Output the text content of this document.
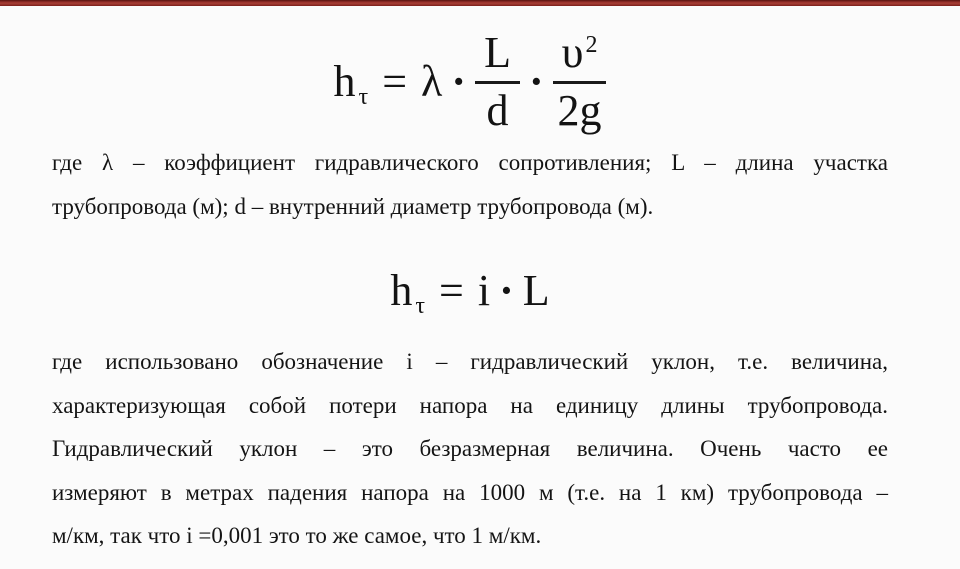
$h\tau = \lambda \cdot \frac{L}{d} \cdot \frac{\upsilon^2}{2g}$
где λ – коэффициент гидравлического сопротивления; L – длина участка
трубопровода (м); d – внутренний диаметр трубопровода (м).
hτ = i · L
где использовано обозначение i – гидравлический уклон, т.е. величина,
характеризующая собой потери напора на единицу длины трубопровода.
Гидравлический уклон – это безразмерная величина. Очень часто ее
измеряют в метрах падения напора на 1000 м (т.е. на 1 км) трубопровода –
м/км, так что i =0,001 это то же самое, что 1 м/км.
